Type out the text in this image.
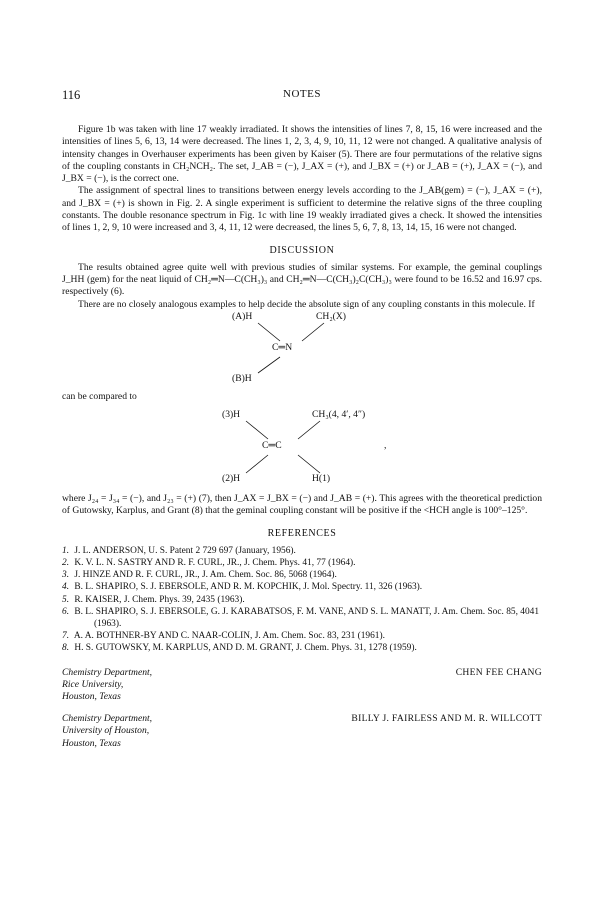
116	NOTES

Figure 1b was taken with line 17 weakly irradiated. It shows the intensities of lines 7, 8, 15, 16 were increased and the intensities of lines 5, 6, 13, 14 were decreased. The lines 1, 2, 3, 4, 9, 10, 11, 12 were not changed. A qualitative analysis of intensity changes in Overhauser experiments has been given by Kaiser (5). There are four permutations of the relative signs of the coupling constants in CH₂NCH₂. The set, J_AB = (−), J_AX = (+), and J_BX = (+) or J_AB = (+), J_AX = (−), and J_BX = (−), is the correct one.

The assignment of spectral lines to transitions between energy levels according to the J_AB(gem) = (−), J_AX = (+), and J_BX = (+) is shown in Fig. 2. A single experiment is sufficient to determine the relative signs of the three coupling constants. The double resonance spectrum in Fig. 1c with line 19 weakly irradiated gives a check. It showed the intensities of lines 1, 2, 9, 10 were increased and 3, 4, 11, 12 were decreased, the lines 5, 6, 7, 8, 13, 14, 15, 16 were not changed.

DISCUSSION

The results obtained agree quite well with previous studies of similar systems. For example, the geminal couplings J_HH (gem) for the neat liquid of CH₂═N—C(CH₃)₃ and CH₂═N—C(CH₃)₂C(CH₃)₃ were found to be 16.52 and 16.97 cps. respectively (6).

There are no closely analogous examples to help decide the absolute sign of any coupling constants in this molecule. If

(A)H	CH₂(X)
C═N
(B)H

can be compared to

(3)H	CH₃(4, 4′, 4″)
C═C	,
(2)H	H(1)

where J₂₄ = J₃₄ = (−), and J₂₃ = (+) (7), then J_AX = J_BX = (−) and J_AB = (+). This agrees with the theoretical prediction of Gutowsky, Karplus, and Grant (8) that the geminal coupling constant will be positive if the <HCH angle is 100°–125°.

REFERENCES
1. J. L. ANDERSON, U. S. Patent 2 729 697 (January, 1956).
2. K. V. L. N. SASTRY AND R. F. CURL, JR., J. Chem. Phys. 41, 77 (1964).
3. J. HINZE AND R. F. CURL, JR., J. Am. Chem. Soc. 86, 5068 (1964).
4. B. L. SHAPIRO, S. J. EBERSOLE, AND R. M. KOPCHIK, J. Mol. Spectry. 11, 326 (1963).
5. R. KAISER, J. Chem. Phys. 39, 2435 (1963).
6. B. L. SHAPIRO, S. J. EBERSOLE, G. J. KARABATSOS, F. M. VANE, AND S. L. MANATT, J. Am. Chem. Soc. 85, 4041 (1963).
7. A. A. BOTHNER-BY AND C. NAAR-COLIN, J. Am. Chem. Soc. 83, 231 (1961).
8. H. S. GUTOWSKY, M. KARPLUS, AND D. M. GRANT, J. Chem. Phys. 31, 1278 (1959).
Chemistry Department,
Rice University,
Houston, Texas
CHEN FEE CHANG
Chemistry Department,
University of Houston,
Houston, Texas
BILLY J. FAIRLESS AND M. R. WILLCOTT
